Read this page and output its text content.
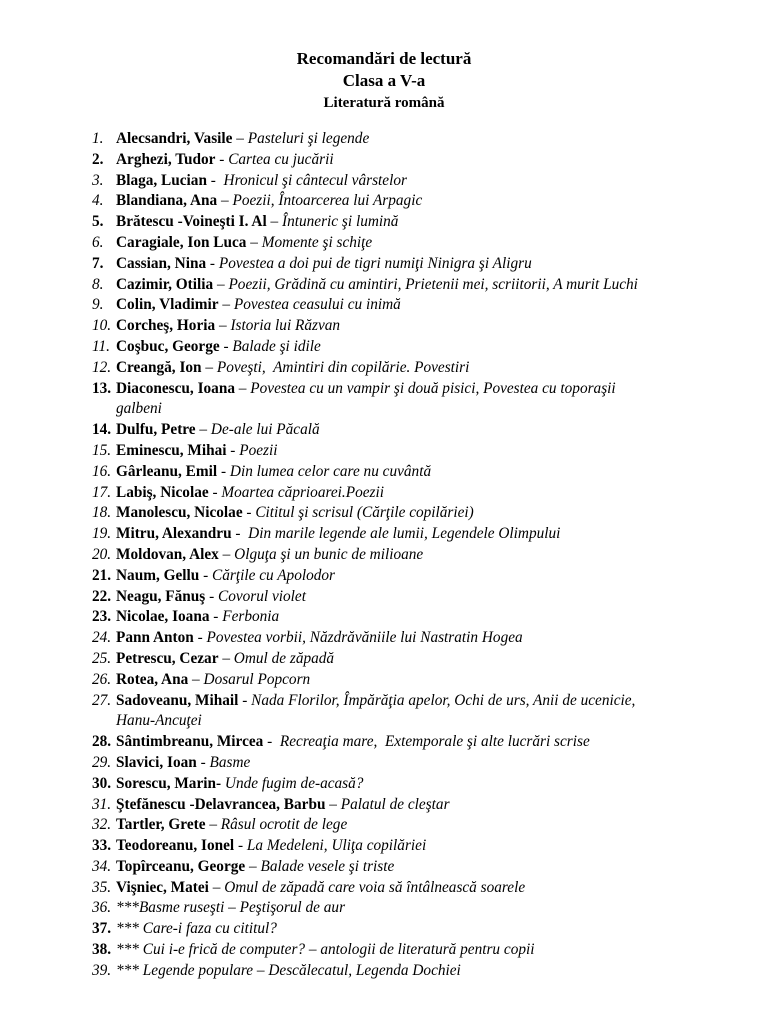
Recomandări de lectură
Clasa a V-a
Literatură română
1. Alecsandri, Vasile – Pasteluri şi legende
2. Arghezi, Tudor - Cartea cu jucării
3. Blaga, Lucian -  Hronicul şi cântecul vârstelor
4. Blandiana, Ana – Poezii, Întoarcerea lui Arpagic
5. Brătescu -Voineşti I. Al – Întuneric şi lumină
6. Caragiale, Ion Luca – Momente şi schiţe
7. Cassian, Nina - Povestea a doi pui de tigri numiţi Ninigra şi Aligru
8. Cazimir, Otilia – Poezii, Grădină cu amintiri, Prietenii mei, scriitorii, A murit Luchi
9. Colin, Vladimir – Povestea ceasului cu inimă
10. Corcheş, Horia – Istoria lui Răzvan
11. Coşbuc, George - Balade şi idile
12. Creangă, Ion – Poveşti,  Amintiri din copilărie. Povestiri
13. Diaconescu, Ioana – Povestea cu un vampir şi două pisici, Povestea cu toporaşii
galbeni
14. Dulfu, Petre – De-ale lui Păcală
15. Eminescu, Mihai - Poezii
16. Gârleanu, Emil - Din lumea celor care nu cuvântă
17. Labiş, Nicolae - Moartea căprioarei.Poezii
18. Manolescu, Nicolae - Cititul şi scrisul (Cărţile copilăriei)
19. Mitru, Alexandru -  Din marile legende ale lumii, Legendele Olimpului
20. Moldovan, Alex – Olguţa şi un bunic de milioane
21. Naum, Gellu - Cărţile cu Apolodor
22. Neagu, Fănuş - Covorul violet
23. Nicolae, Ioana - Ferbonia
24. Pann Anton - Povestea vorbii, Năzdrăvăniile lui Nastratin Hogea
25. Petrescu, Cezar – Omul de zăpadă
26. Rotea, Ana – Dosarul Popcorn
27. Sadoveanu, Mihail - Nada Florilor, Împărăţia apelor, Ochi de urs, Anii de ucenicie,
Hanu-Ancuţei
28. Sântimbreanu, Mircea -  Recreaţia mare,  Extemporale şi alte lucrări scrise
29. Slavici, Ioan - Basme
30. Sorescu, Marin- Unde fugim de-acasă?
31. Ştefănescu -Delavrancea, Barbu – Palatul de cleştar
32. Tartler, Grete – Râsul ocrotit de lege
33. Teodoreanu, Ionel - La Medeleni, Uliţa copilăriei
34. Topîrceanu, George – Balade vesele şi triste
35. Vişniec, Matei – Omul de zăpadă care voia să întâlnească soarele
36. ***Basme ruseşti – Peştişorul de aur
37. *** Care-i faza cu cititul?
38. *** Cui i-e frică de computer? – antologii de literatură pentru copii
39. *** Legende populare – Descălecatul, Legenda Dochiei
